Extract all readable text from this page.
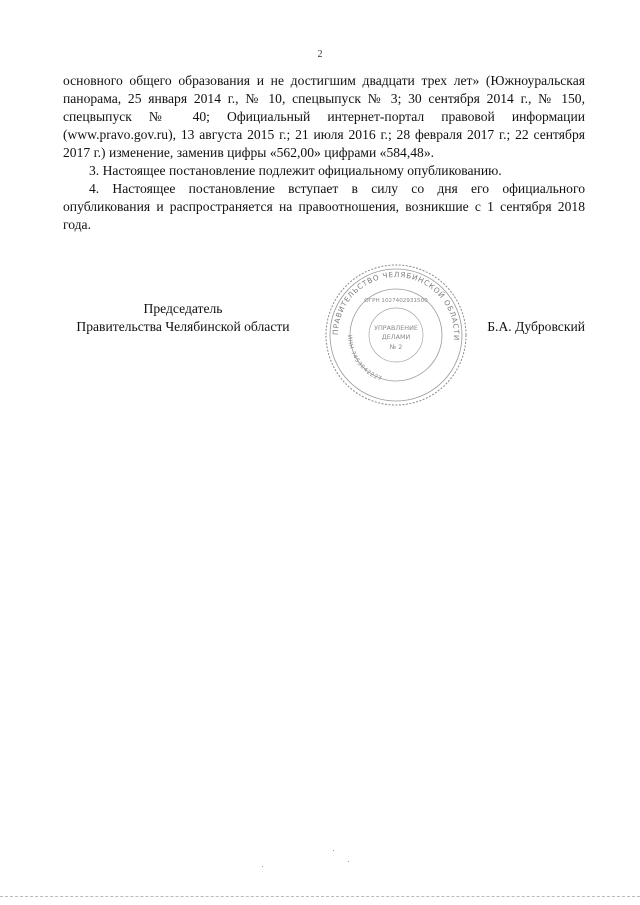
2

основного общего образования и не достигшим двадцати трех лет» (Южноуральская панорама, 25 января 2014 г., № 10, спецвыпуск № 3; 30 сентября 2014 г., № 150, спецвыпуск № 40; Официальный интернет-портал правовой информации (www.pravo.gov.ru), 13 августа 2015 г.; 21 июля 2016 г.; 28 февраля 2017 г.; 22 сентября 2017 г.) изменение, заменив цифры «562,00» цифрами «584,48».

3. Настоящее постановление подлежит официальному опубликованию.

4. Настоящее постановление вступает в силу со дня его официального опубликования и распространяется на правоотношения, возникшие с 1 сентября 2018 года.

Председатель
Правительства Челябинской области	ПРАВИТЕЛЬСТВО ЧЕЛЯБИНСКОЙ ОБЛАСТИ
ИНН 7453042227
ОГРН 1027402931500
УПРАВЛЕНИЕ
ДЕЛАМИ
№ 2
Б.А. Дубровский
